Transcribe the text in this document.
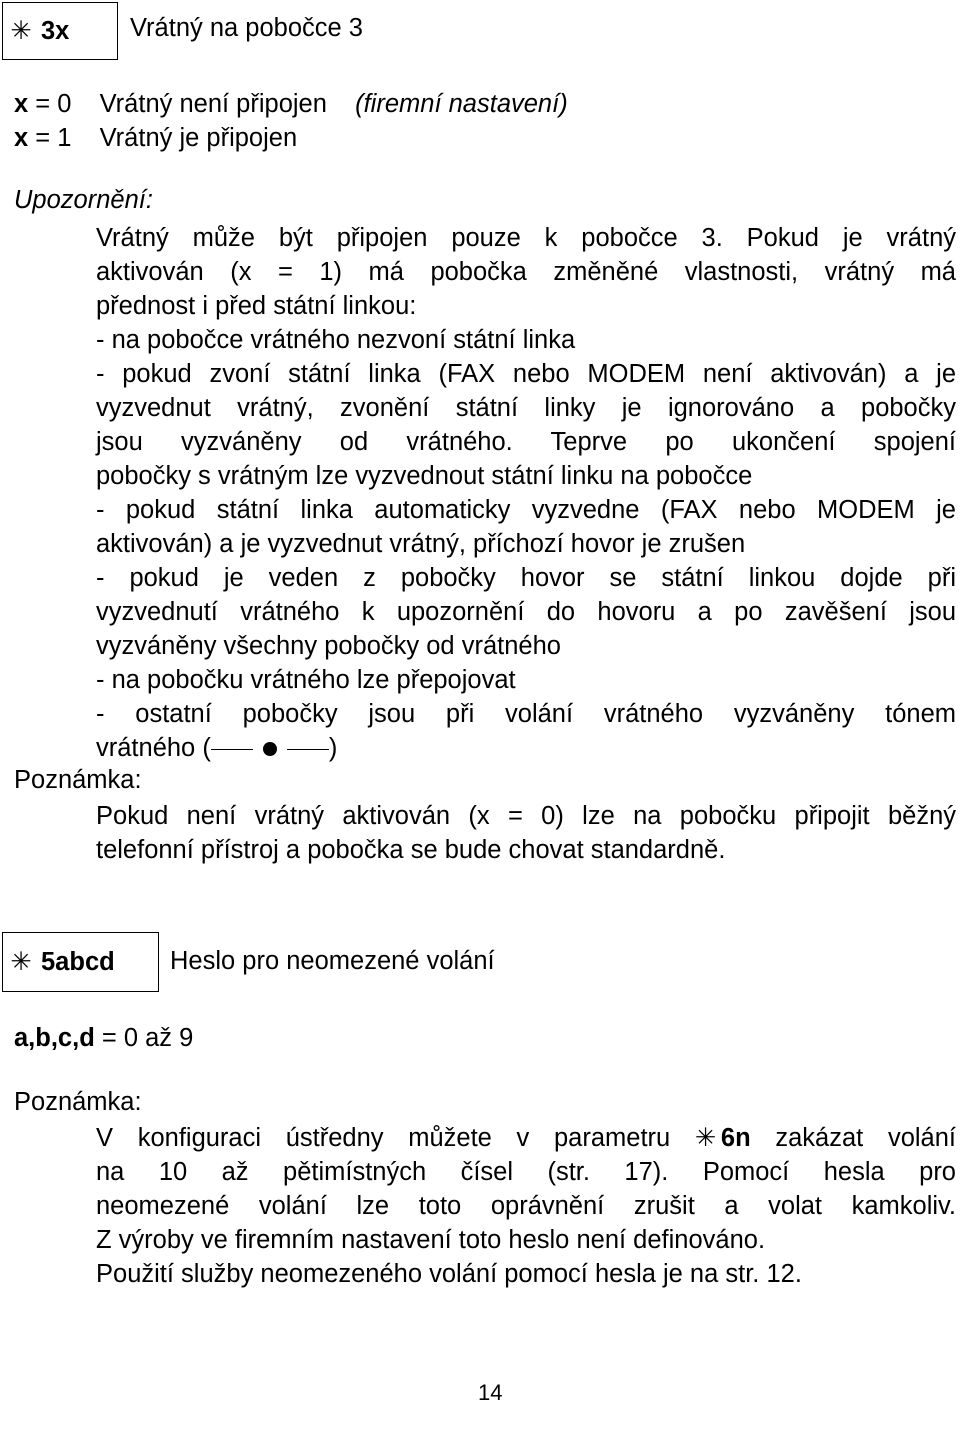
✳ 3x Vrátný na pobočce 3
x = 0 Vrátný není připojen (firemní nastavení)
x = 1 Vrátný je připojen
Upozornění:
Vrátný může být připojen pouze k pobočce 3. Pokud je vrátný
aktivován (x = 1) má pobočka změněné vlastnosti, vrátný má
přednost i před státní linkou:
- na pobočce vrátného nezvoní státní linka
- pokud zvoní státní linka (FAX nebo MODEM není aktivován) a je
vyzvednut vrátný, zvonění státní linky je ignorováno a pobočky
jsou vyzváněny od vrátného. Teprve po ukončení spojení
pobočky s vrátným lze vyzvednout státní linku na pobočce
- pokud státní linka automaticky vyzvedne (FAX nebo MODEM je
aktivován) a je vyzvednut vrátný, příchozí hovor je zrušen
- pokud je veden z pobočky hovor se státní linkou dojde při
vyzvednutí vrátného k upozornění do hovoru a po zavěšení jsou
vyzváněny všechny pobočky od vrátného
- na pobočku vrátného lze přepojovat
- ostatní pobočky jsou při volání vrátného vyzváněny tónem
vrátného (	)
Poznámka:
Pokud není vrátný aktivován (x = 0) lze na pobočku připojit běžný
telefonní přístroj a pobočka se bude chovat standardně.
✳ 5abcd Heslo pro neomezené volání
a,b,c,d = 0 až 9
Poznámka:
V konfiguraci ústředny můžete v parametru ✳ 6n zakázat volání
na 10 až pětimístných čísel (str. 17). Pomocí hesla pro
neomezené volání lze toto oprávnění zrušit a volat kamkoliv.
Z výroby ve firemním nastavení toto heslo není definováno.
Použití služby neomezeného volání pomocí hesla je na str. 12.
14
